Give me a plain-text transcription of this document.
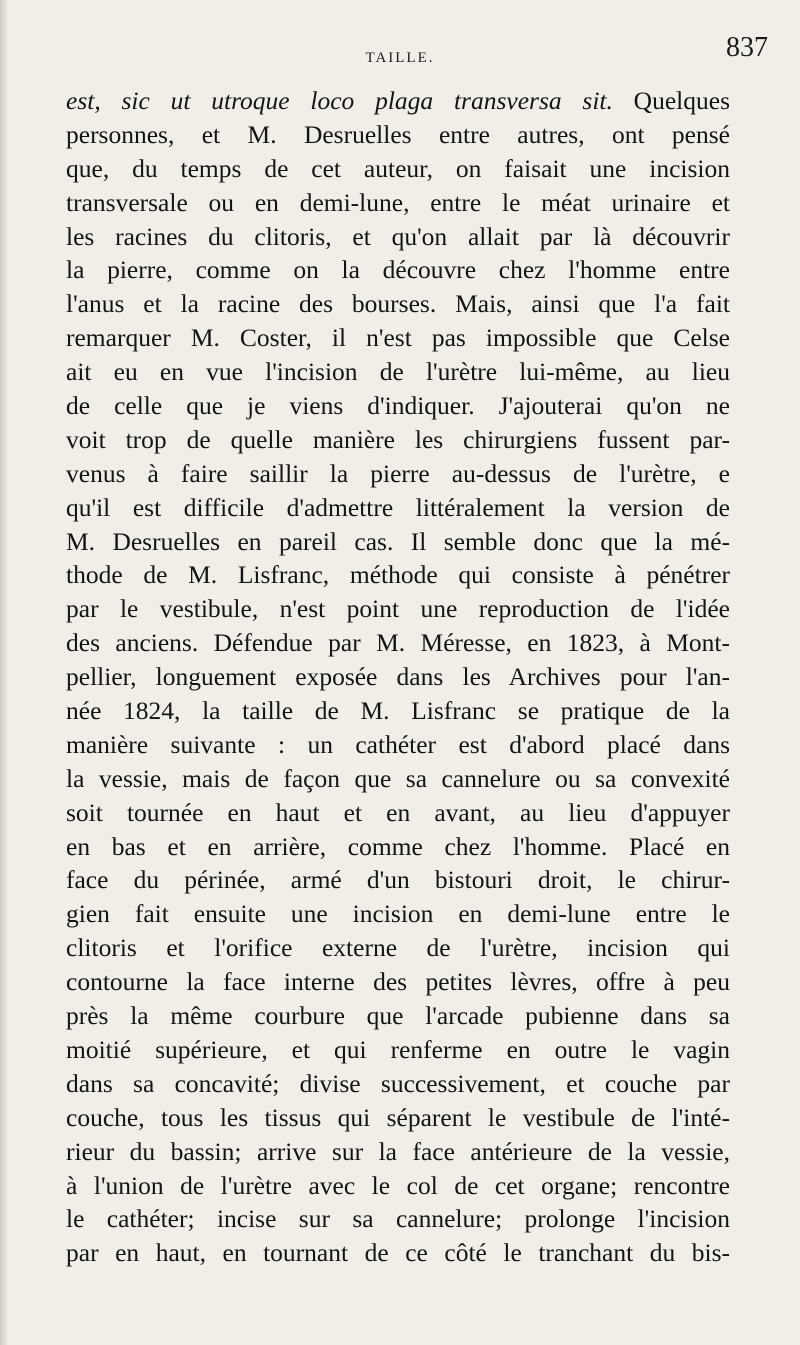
TAILLE.	837
est, sic ut utroque loco plaga transversa sit. Quelques
personnes, et M. Desruelles entre autres, ont pensé
que, du temps de cet auteur, on faisait une incision
transversale ou en demi-lune, entre le méat urinaire et
les racines du clitoris, et qu'on allait par là découvrir
la pierre, comme on la découvre chez l'homme entre
l'anus et la racine des bourses. Mais, ainsi que l'a fait
remarquer M. Coster, il n'est pas impossible que Celse
ait eu en vue l'incision de l'urètre lui-même, au lieu
de celle que je viens d'indiquer. J'ajouterai qu'on ne
voit trop de quelle manière les chirurgiens fussent par-
venus à faire saillir la pierre au-dessus de l'urètre, e
qu'il est difficile d'admettre littéralement la version de
M. Desruelles en pareil cas. Il semble donc que la mé-
thode de M. Lisfranc, méthode qui consiste à pénétrer
par le vestibule, n'est point une reproduction de l'idée
des anciens. Défendue par M. Méresse, en 1823, à Mont-
pellier, longuement exposée dans les Archives pour l'an-
née 1824, la taille de M. Lisfranc se pratique de la
manière suivante : un cathéter est d'abord placé dans
la vessie, mais de façon que sa cannelure ou sa convexité
soit tournée en haut et en avant, au lieu d'appuyer
en bas et en arrière, comme chez l'homme. Placé en
face du périnée, armé d'un bistouri droit, le chirur-
gien fait ensuite une incision en demi-lune entre le
clitoris et l'orifice externe de l'urètre, incision qui
contourne la face interne des petites lèvres, offre à peu
près la même courbure que l'arcade pubienne dans sa
moitié supérieure, et qui renferme en outre le vagin
dans sa concavité; divise successivement, et couche par
couche, tous les tissus qui séparent le vestibule de l'inté-
rieur du bassin; arrive sur la face antérieure de la vessie,
à l'union de l'urètre avec le col de cet organe; rencontre
le cathéter; incise sur sa cannelure; prolonge l'incision
par en haut, en tournant de ce côté le tranchant du bis-
